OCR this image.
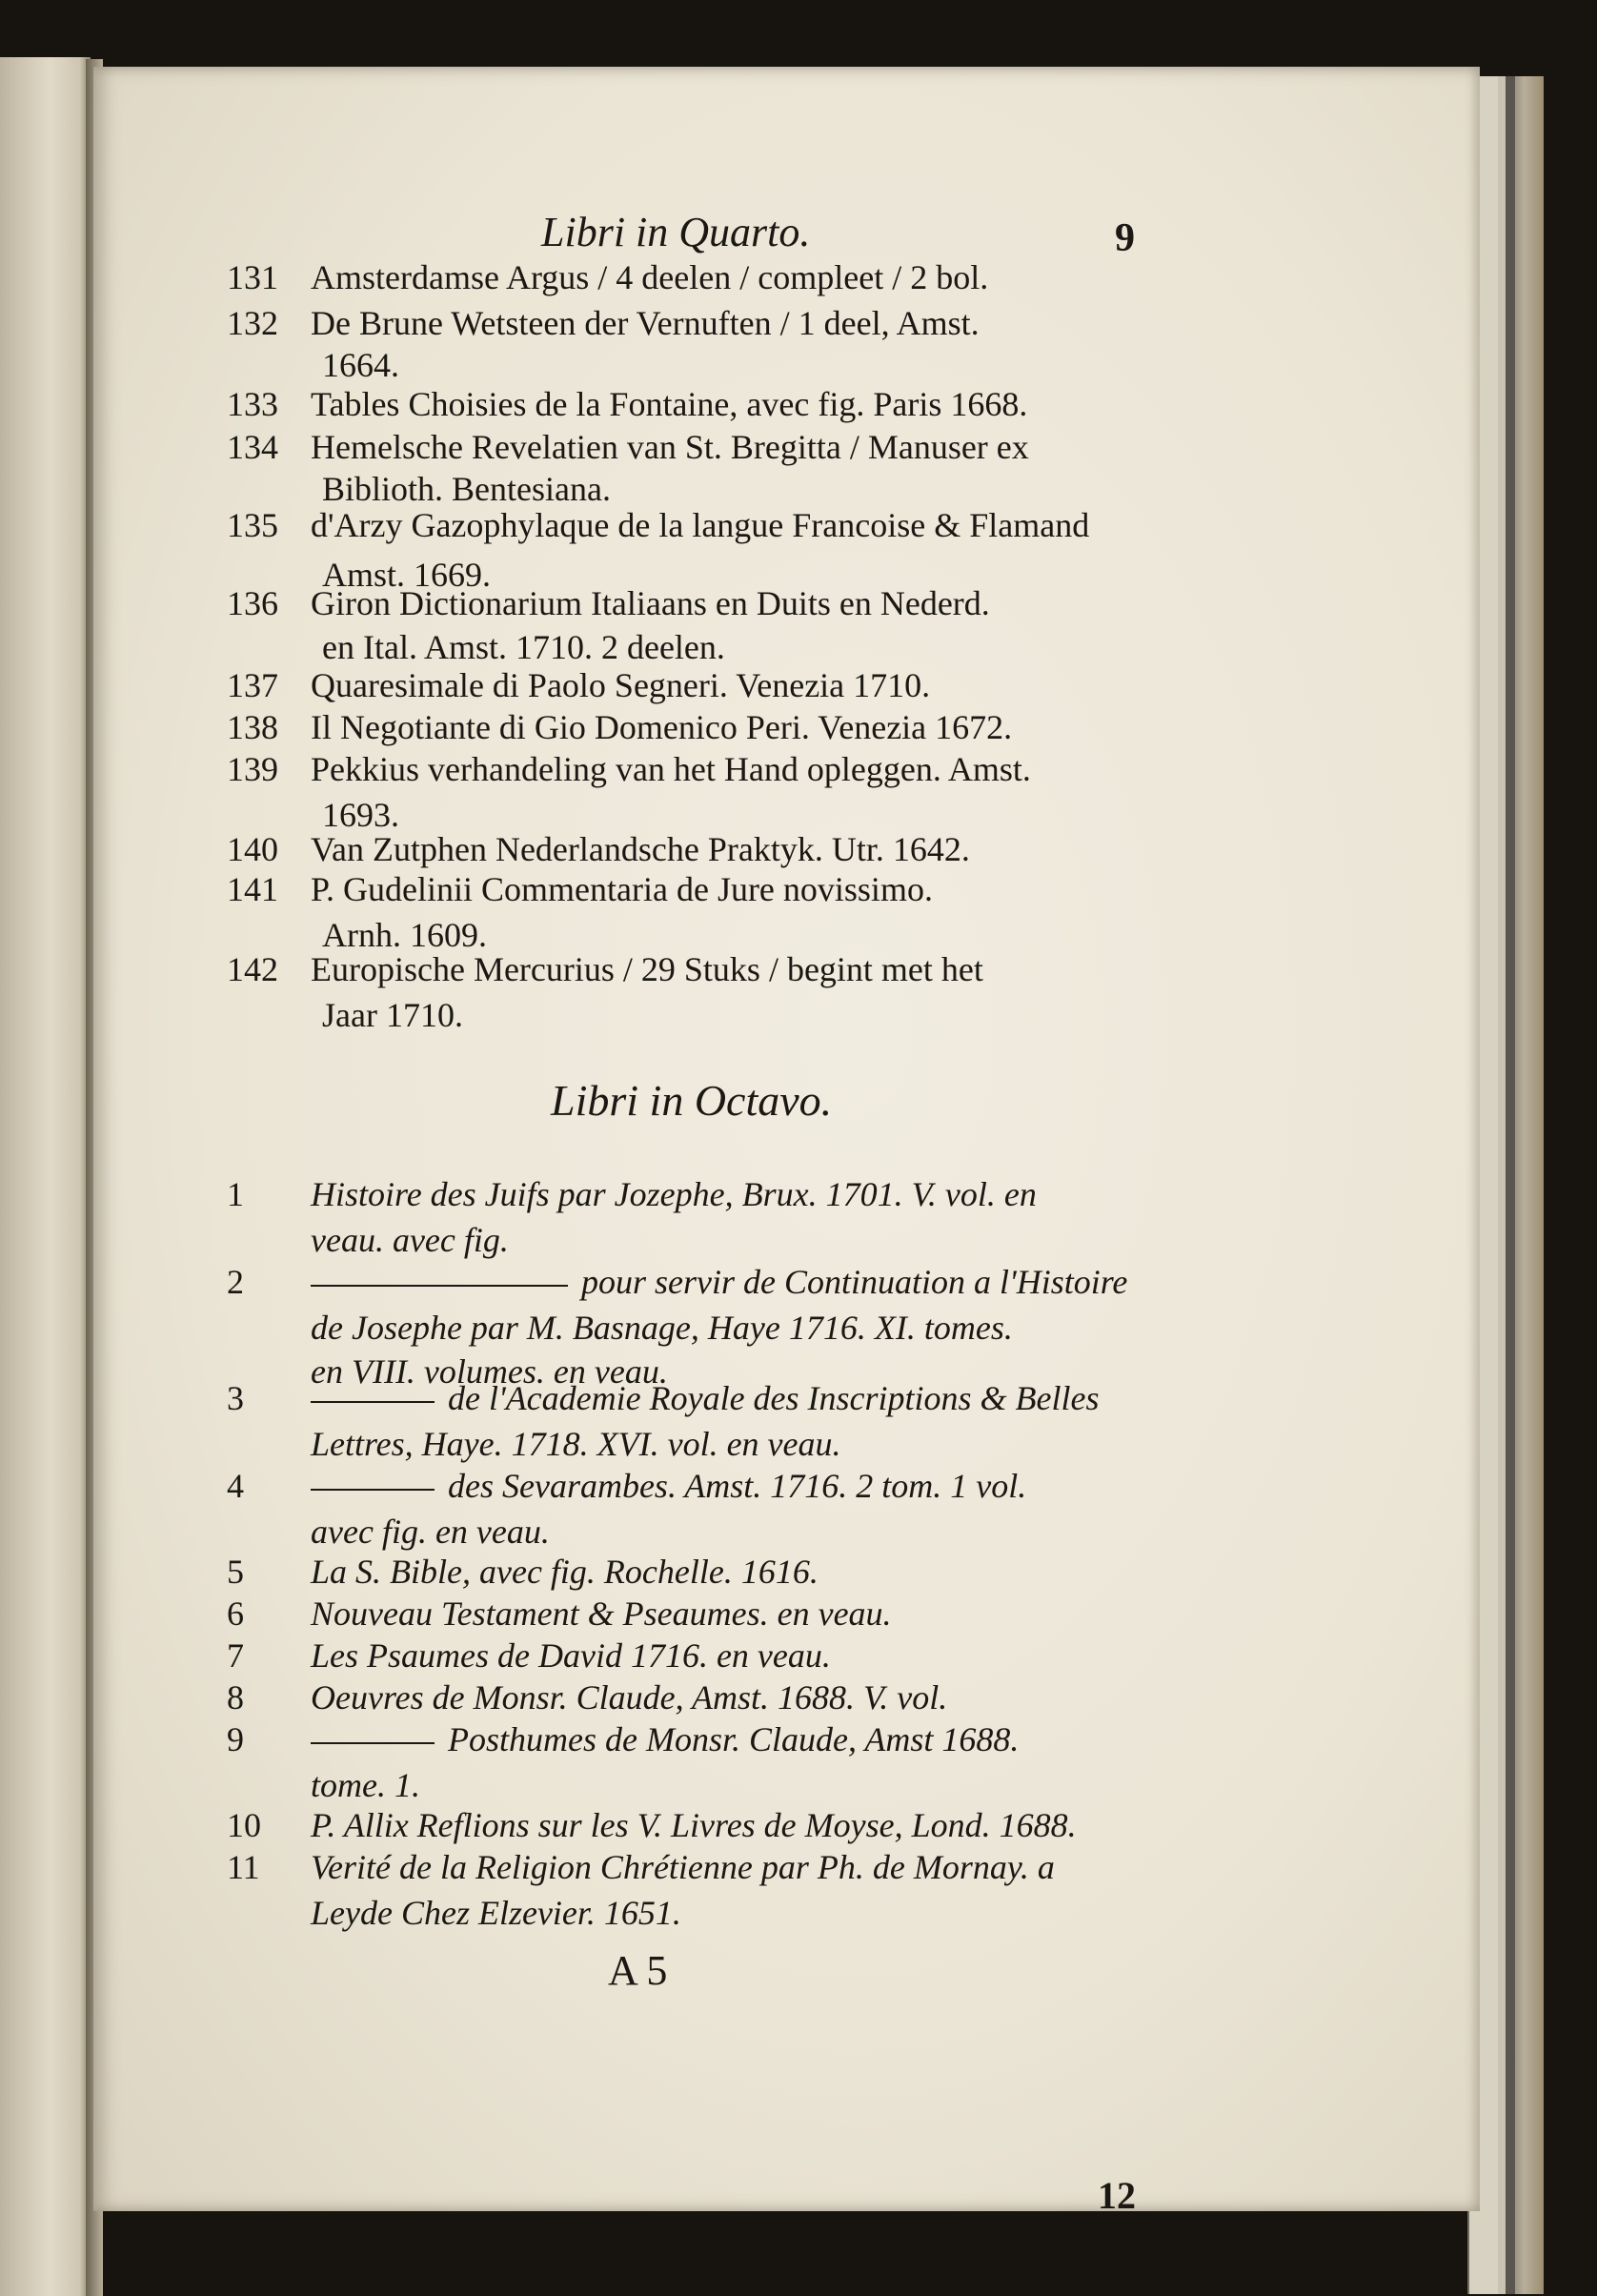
Libri in Quarto.	9
131 Amsterdamse Argus / 4 deelen / compleet / 2 bol.
132 De Brune Wetsteen der Vernuften / 1 deel, Amst.
1664.
133 Tables Choisies de la Fontaine, avec fig. Paris 1668.
134 Hemelsche Revelatien van St. Bregitta / Manuser ex
Biblioth. Bentesiana.
135 d'Arzy Gazophylaque de la langue Francoise & Flamand
Amst. 1669.
136 Giron Dictionarium Italiaans en Duits en Nederd.
en Ital. Amst. 1710. 2 deelen.
137 Quaresimale di Paolo Segneri. Venezia 1710.
138 Il Negotiante di Gio Domenico Peri. Venezia 1672.
139 Pekkius verhandeling van het Hand opleggen. Amst.
1693.
140 Van Zutphen Nederlandsche Praktyk. Utr. 1642.
141 P. Gudelinii Commentaria de Jure novissimo.
Arnh. 1609.
142 Europische Mercurius / 29 Stuks / begint met het
Jaar 1710.
Libri in Octavo.
1 Histoire des Juifs par Jozephe, Brux. 1701. V. vol. en
veau. avec fig.
2	pour servir de Continuation a l'Histoire
de Josephe par M. Basnage, Haye 1716. XI. tomes.
en VIII. volumes. en veau.
3	de l'Academie Royale des Inscriptions & Belles
Lettres, Haye. 1718. XVI. vol. en veau.
4	des Sevarambes. Amst. 1716. 2 tom. 1 vol.
avec fig. en veau.
5 La S. Bible, avec fig. Rochelle. 1616.
6 Nouveau Testament & Pseaumes. en veau.
7 Les Psaumes de David 1716. en veau.
8 Oeuvres de Monsr. Claude, Amst. 1688. V. vol.
9	Posthumes de Monsr. Claude, Amst 1688.
tome. 1.
10 P. Allix Reflions sur les V. Livres de Moyse, Lond. 1688.
11 Verité de la Religion Chrétienne par Ph. de Mornay. a
Leyde Chez Elzevier. 1651.
12
A 5
